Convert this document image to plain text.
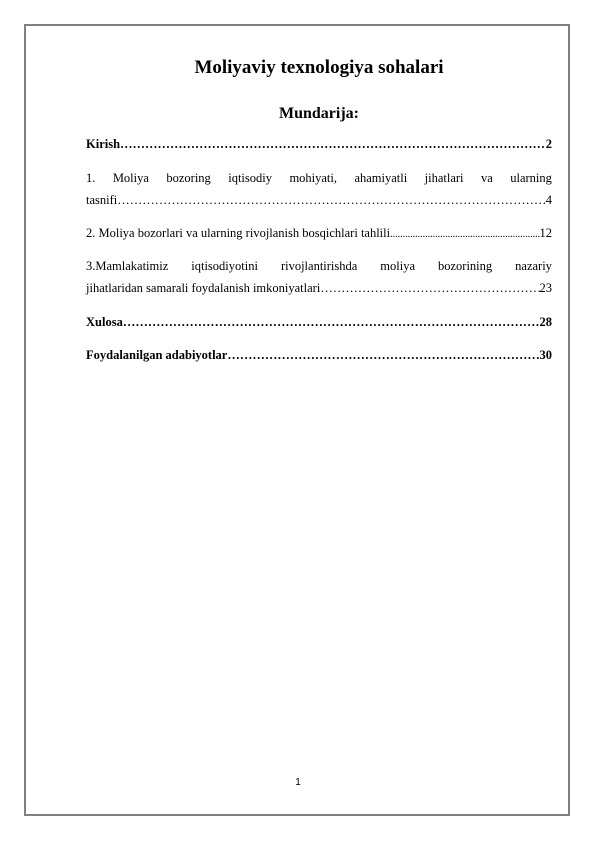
Moliyaviy texnologiya sohalari
Mundarija:
Kirish ……………………………………………………………………………………………………………………………………………………………………	2
1. Moliya bozoring iqtisodiy mohiyati, ahamiyatli jihatlari va ularning
tasnifi ……………………………………………………………………………………………………………………………………………………………………	4
2. Moliya bozorlari va ularning rivojlanish bosqichlari tahlili .....	12
3.Mamlakatimiz iqtisodiyotini rivojlantirishda moliya bozorining nazariy
jihatlaridan samarali foydalanish imkoniyatlari ……………………………………………………………………………………………………………………………………………………………………	23
Xulosa ……………………………………………………………………………………………………………………………………………………………………	28
Foydalanilgan adabiyotlar ……………………………………………………………………………………………………………………………………………………………………	30
1
